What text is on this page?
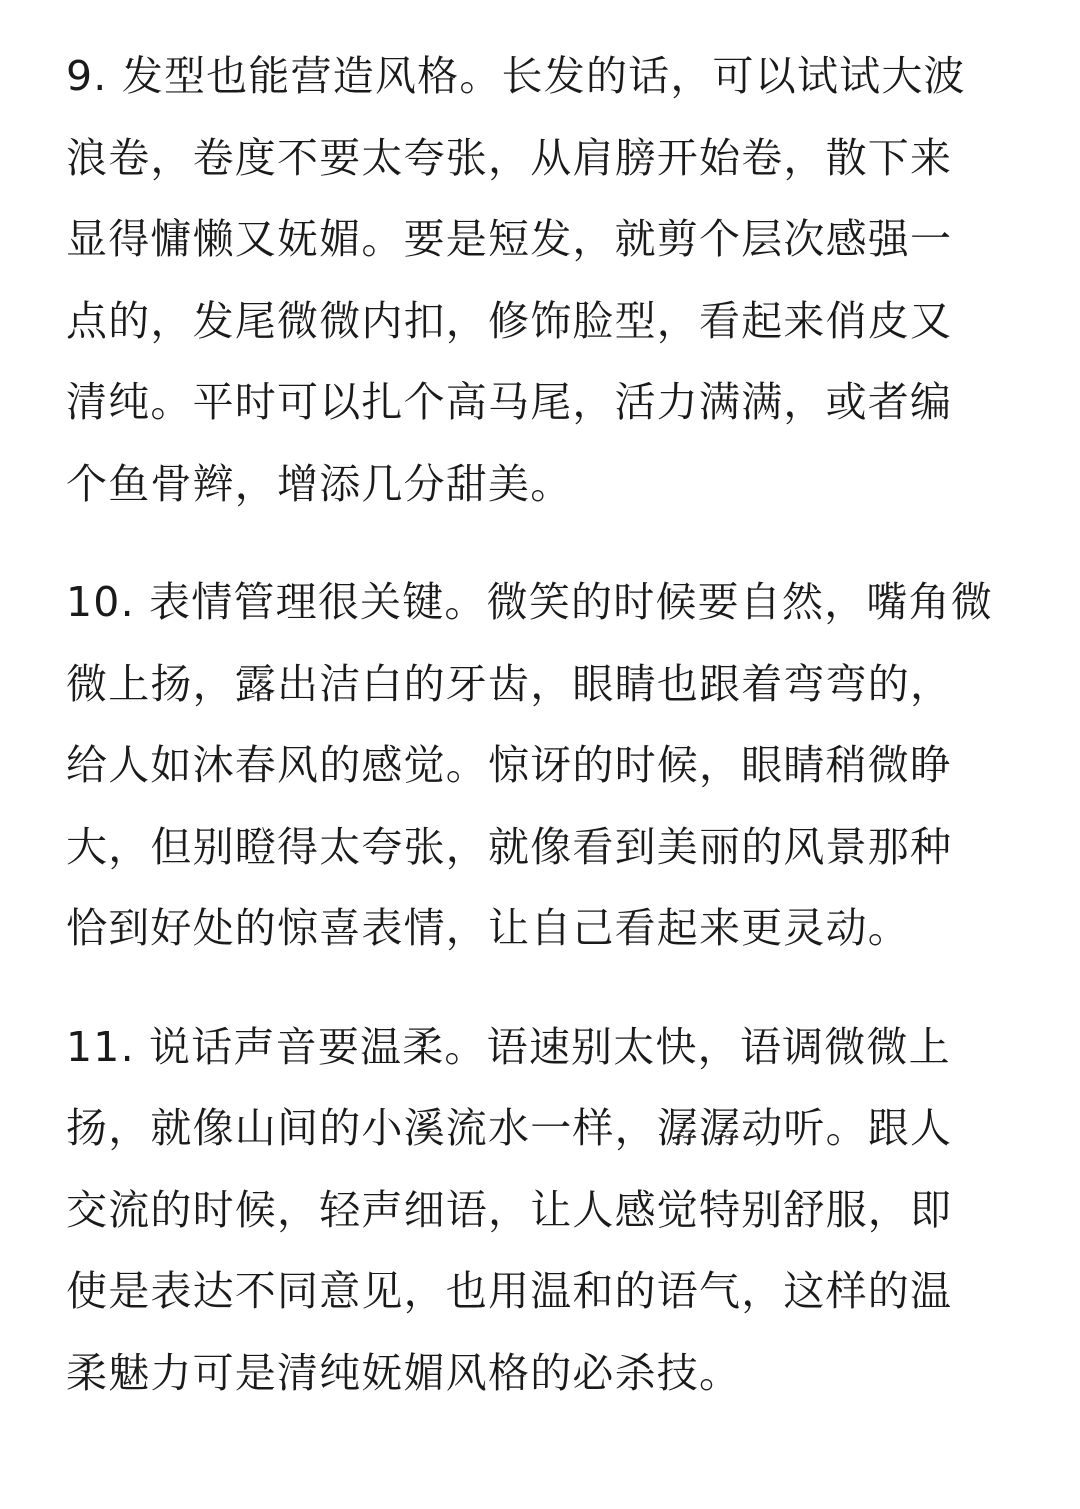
9. 发型也能营造风格。长发的话，可以试试大波
浪卷，卷度不要太夸张，从肩膀开始卷，散下来
显得慵懒又妩媚。要是短发，就剪个层次感强一
点的，发尾微微内扣，修饰脸型，看起来俏皮又
清纯。平时可以扎个高马尾，活力满满，或者编
个鱼骨辫，增添几分甜美。

10. 表情管理很关键。微笑的时候要自然，嘴角微
微上扬，露出洁白的牙齿，眼睛也跟着弯弯的，
给人如沐春风的感觉。惊讶的时候，眼睛稍微睁
大，但别瞪得太夸张，就像看到美丽的风景那种
恰到好处的惊喜表情，让自己看起来更灵动。

11. 说话声音要温柔。语速别太快，语调微微上
扬，就像山间的小溪流水一样，潺潺动听。跟人
交流的时候，轻声细语，让人感觉特别舒服，即
使是表达不同意见，也用温和的语气，这样的温
柔魅力可是清纯妩媚风格的必杀技。
